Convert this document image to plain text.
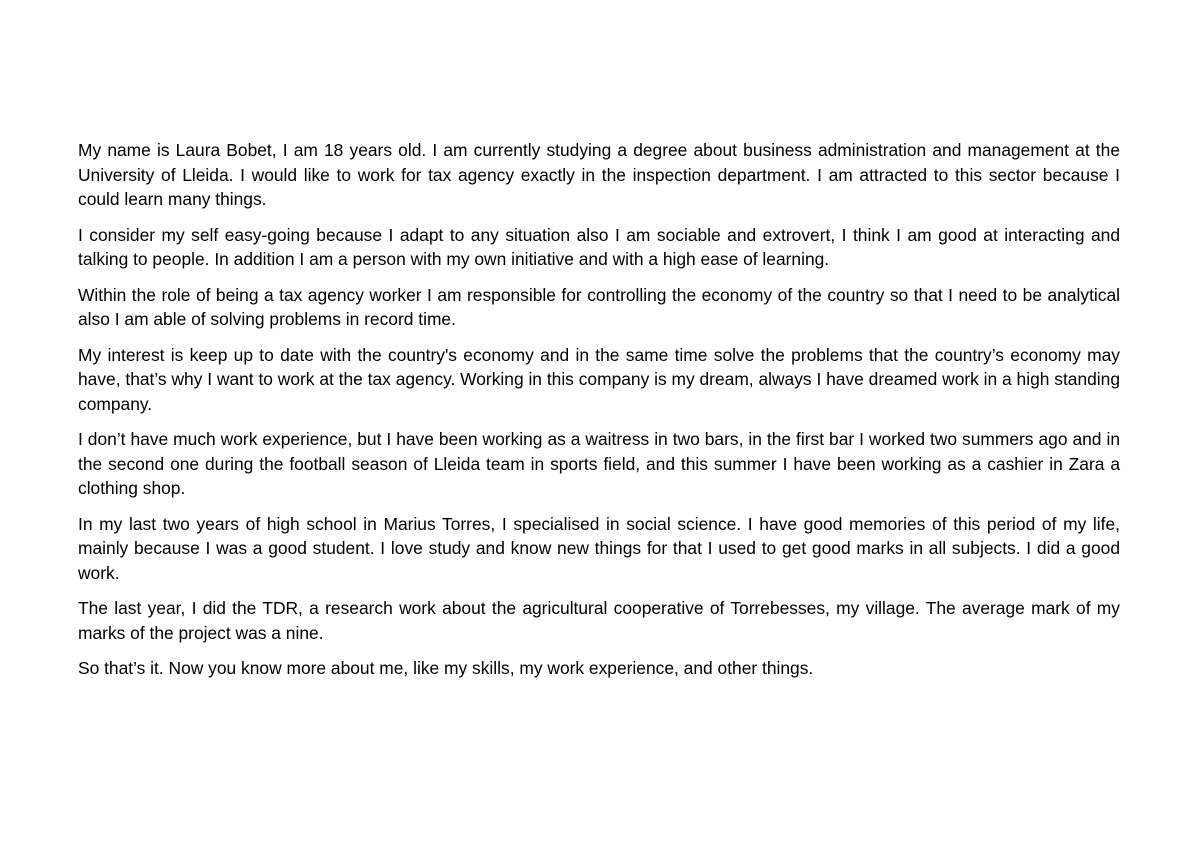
My name is Laura Bobet, I am 18 years old. I am currently studying a degree about business administration and management at the University of Lleida. I would like to work for tax agency exactly in the inspection department. I am attracted to this sector because I could learn many things.

I consider my self easy-going because I adapt to any situation also I am sociable and extrovert, I think I am good at interacting and talking to people. In addition I am a person with my own initiative and with a high ease of learning.

Within the role of being a tax agency worker I am responsible for controlling the economy of the country so that I need to be analytical also I am able of solving problems in record time.

My interest is keep up to date with the country's economy and in the same time solve the problems that the country’s economy may have, that’s why I want to work at the tax agency. Working in this company is my dream, always I have dreamed work in a high standing company.

I don’t have much work experience, but I have been working as a waitress in two bars, in the first bar I worked two summers ago and in the second one during the football season of Lleida team in sports field, and this summer I have been working as a cashier in Zara a clothing shop.

In my last two years of high school in Marius Torres, I specialised in social science. I have good memories of this period of my life, mainly because I was a good student. I love study and know new things for that I used to get good marks in all subjects. I did a good work.

The last year, I did the TDR, a research work about the agricultural cooperative of Torrebesses, my village. The average mark of my marks of the project was a nine.

So that’s it. Now you know more about me, like my skills, my work experience, and other things.
